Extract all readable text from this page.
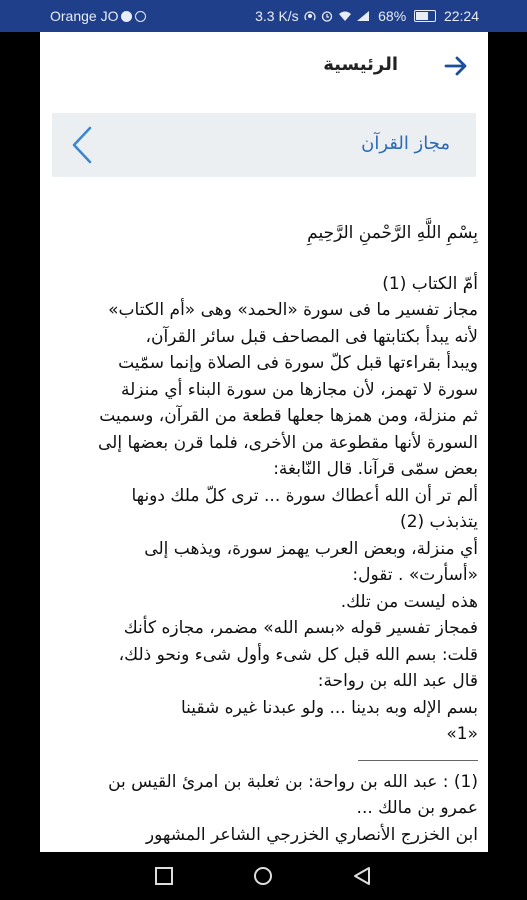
Orange JO	3.3 K/s	68%	22:24
الرئيسية
مجاز القرآن

بِسْمِ اللَّهِ الرَّحْمنِ الرَّحِيمِ

أمّ الكتاب (1)

مجاز تفسير ما فى سورة «الحمد» وهى «أم الكتاب»

لأنه يبدأ بكتابتها فى المصاحف قبل سائر القرآن،

ويبدأ بقراءتها قبل كلّ سورة فى الصلاة وإنما سمّيت

سورة لا تهمز، لأن مجازها من سورة البناء أي منزلة

ثم منزلة، ومن همزها جعلها قطعة من القرآن، وسميت

السورة لأنها مقطوعة من الأخرى، فلما قرن بعضها إلى

بعض سمّى قرآنا. قال النّابغة:

ألم تر أن الله أعطاك سورة ... ترى كلّ ملك دونها

يتذبذب (2)

أي منزلة، وبعض العرب يهمز سورة، ويذهب إلى

«أسأرت» . تقول:

هذه ليست من تلك.

فمجاز تفسير قوله «بسم الله» مضمر، مجازه كأنك

قلت: بسم الله قبل كل شىء وأول شىء ونحو ذلك،

قال عبد الله بن رواحة:

بسم الإله وبه بدينا ... ولو عبدنا غيره شقينا

«1»

(1) : عبد الله بن رواحة: بن ثعلبة بن امرئ القيس بن

عمرو بن مالك ...

ابن الخزرج الأنصاري الخزرجي الشاعر المشهور
